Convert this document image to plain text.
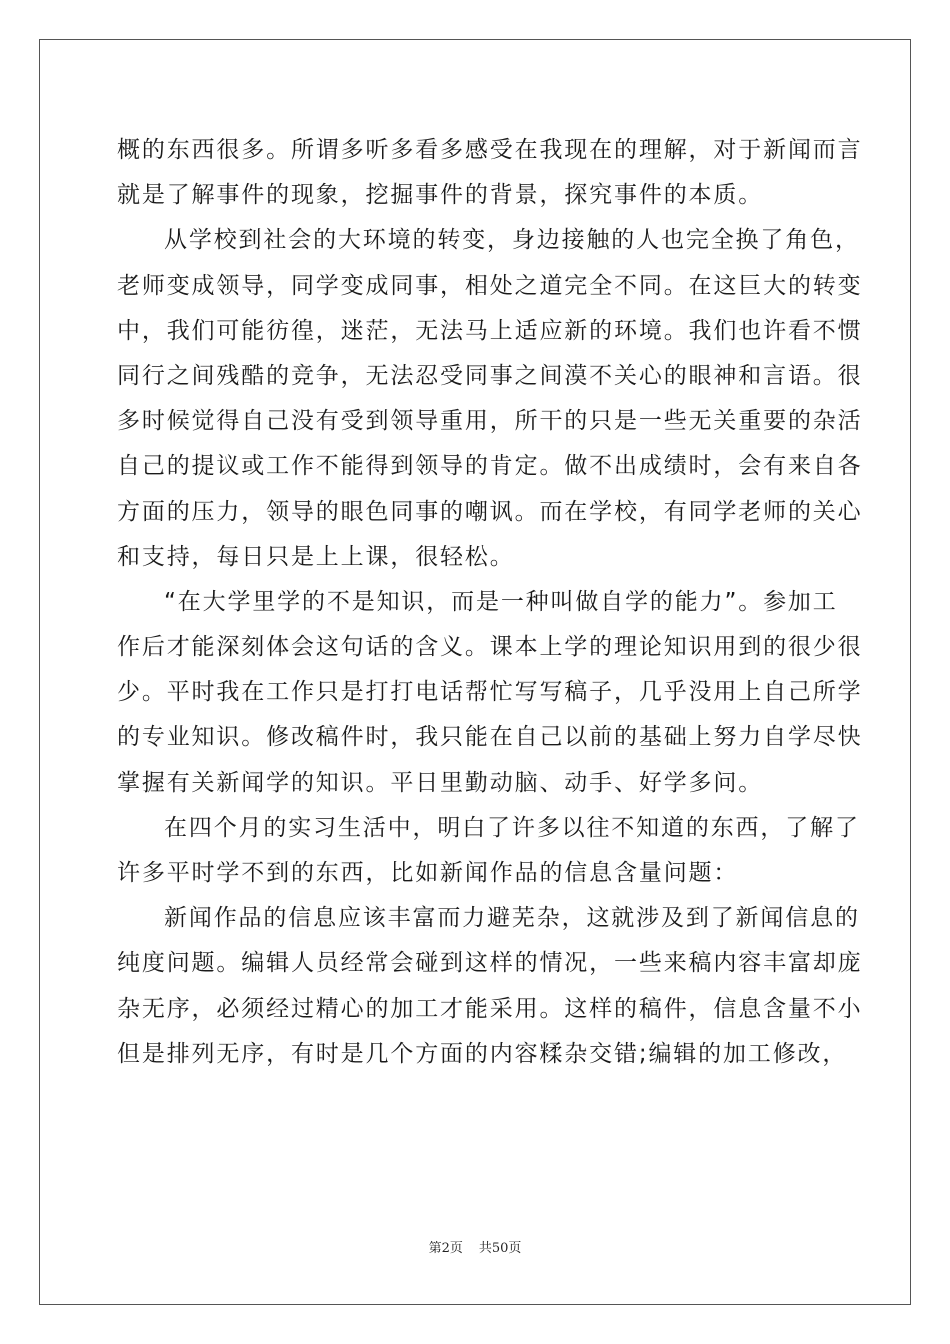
概的东西很多。所谓多听多看多感受在我现在的理解，对于新闻而言
就是了解事件的现象，挖掘事件的背景，探究事件的本质。
从学校到社会的大环境的转变，身边接触的人也完全换了角色，
老师变成领导，同学变成同事，相处之道完全不同。在这巨大的转变
中，我们可能彷徨，迷茫，无法马上适应新的环境。我们也许看不惯
同行之间残酷的竞争，无法忍受同事之间漠不关心的眼神和言语。很
多时候觉得自己没有受到领导重用，所干的只是一些无关重要的杂活
自己的提议或工作不能得到领导的肯定。做不出成绩时，会有来自各
方面的压力，领导的眼色同事的嘲讽。而在学校，有同学老师的关心
和支持，每日只是上上课，很轻松。
“在大学里学的不是知识，而是一种叫做自学的能力”。参加工
作后才能深刻体会这句话的含义。课本上学的理论知识用到的很少很
少。平时我在工作只是打打电话帮忙写写稿子，几乎没用上自己所学
的专业知识。修改稿件时，我只能在自己以前的基础上努力自学尽快
掌握有关新闻学的知识。平日里勤动脑、动手、好学多问。
在四个月的实习生活中，明白了许多以往不知道的东西，了解了
许多平时学不到的东西，比如新闻作品的信息含量问题：
新闻作品的信息应该丰富而力避芜杂，这就涉及到了新闻信息的
纯度问题。编辑人员经常会碰到这样的情况，一些来稿内容丰富却庞
杂无序，必须经过精心的加工才能采用。这样的稿件，信息含量不小
但是排列无序，有时是几个方面的内容糅杂交错;编辑的加工修改，
第2页 共50页
